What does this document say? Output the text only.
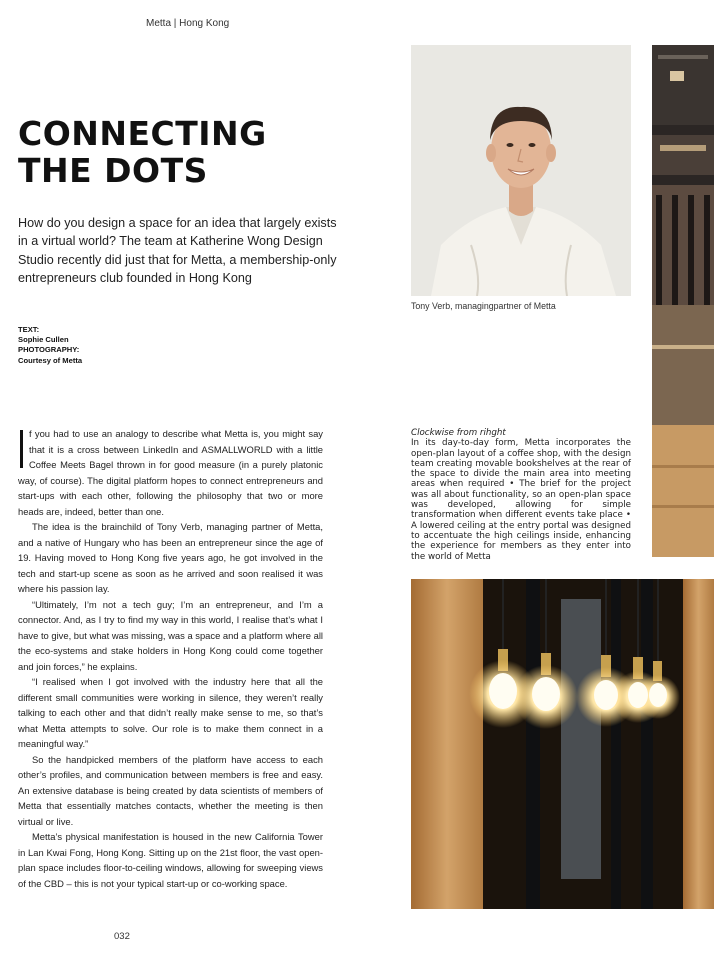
Metta | Hong Kong
CONNECTING
THE DOTS

How do you design a space for an idea that largely exists in a virtual world? The team at Katherine Wong Design Studio recently did just that for Metta, a membership-only entrepreneurs club founded in Hong Kong

TEXT:
Sophie Cullen
PHOTOGRAPHY:
Courtesy of Metta

f you had to use an analogy to describe what Metta is, you might say that it is a cross between LinkedIn and ASMALLWORLD with a little Coffee Meets Bagel thrown in for good measure (in a purely platonic way, of course). The digital platform hopes to connect entrepreneurs and start-ups with each other, following the philosophy that two or more heads are, indeed, better than one.

The idea is the brainchild of Tony Verb, managing partner of Metta, and a native of Hungary who has been an entrepreneur since the age of 19. Having moved to Hong Kong five years ago, he got involved in the tech and start-up scene as soon as he arrived and soon realised it was where his passion lay.

“Ultimately, I’m not a tech guy; I’m an entrepreneur, and I’m a connector. And, as I try to find my way in this world, I realise that’s what I have to give, but what was missing, was a space and a platform where all the eco-systems and stake holders in Hong Kong could come together and join forces,” he explains.

“I realised when I got involved with the industry here that all the different small communities were working in silence, they weren’t really talking to each other and that didn’t really make sense to me, so that’s what Metta attempts to solve. Our role is to make them connect in a meaningful way.”

So the handpicked members of the platform have access to each other’s profiles, and communication between members is free and easy. An extensive database is being created by data scientists of members of Metta that essentially matches contacts, whether the meeting is then virtual or live.

Metta’s physical manifestation is housed in the new California Tower in Lan Kwai Fong, Hong Kong. Sitting up on the 21st floor, the vast open-plan space includes floor-to-ceiling windows, allowing for sweeping views of the CBD – this is not your typical start-up or co-working space.

032
Tony Verb, managingpartner of Metta
Clockwise from rihght
In its day-to-day form, Metta incorporates the open-plan layout of a coffee shop, with the design team creating movable bookshelves at the rear of the space to divide the main area into meeting areas when required • The brief for the project was all about functionality, so an open-plan space was developed, allowing for simple transformation when different events take place • A lowered ceiling at the entry portal was designed to accentuate the high ceilings inside, enhancing the experience for members as they enter into the world of Metta
